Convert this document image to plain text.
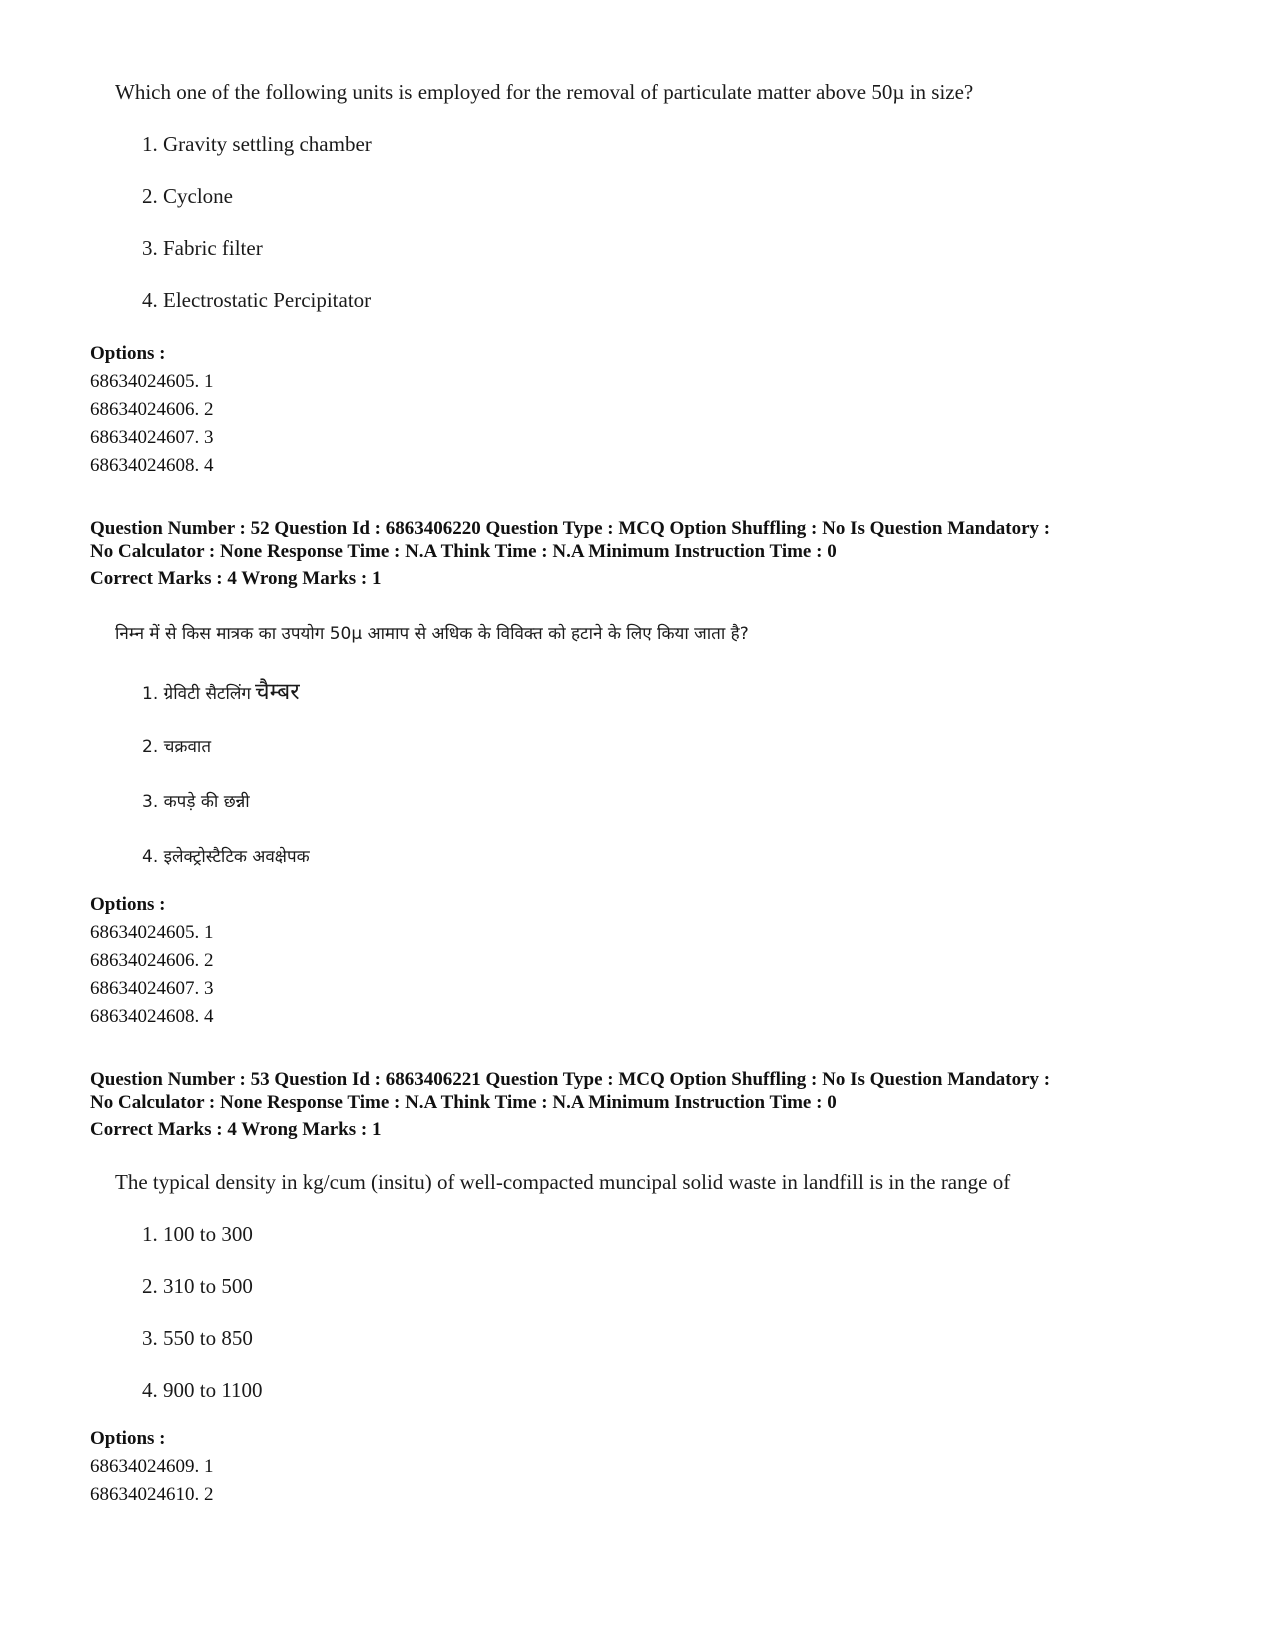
Which one of the following units is employed for the removal of particulate matter above 50µ in size?
1. Gravity settling chamber
2. Cyclone
3. Fabric filter
4. Electrostatic Percipitator
Options :
68634024605. 1
68634024606. 2
68634024607. 3
68634024608. 4
Question Number : 52 Question Id : 6863406220 Question Type : MCQ Option Shuffling : No Is Question Mandatory :
No Calculator : None Response Time : N.A Think Time : N.A Minimum Instruction Time : 0
Correct Marks : 4 Wrong Marks : 1
निम्न में से किस मात्रक का उपयोग 50µ आमाप से अधिक के विविक्त को हटाने के लिए किया जाता है?
1. ग्रेविटी सैटलिंग चैम्बर
2. चक्रवात
3. कपड़े की छन्नी
4. इलेक्ट्रोस्टैटिक अवक्षेपक
Options :
68634024605. 1
68634024606. 2
68634024607. 3
68634024608. 4
Question Number : 53 Question Id : 6863406221 Question Type : MCQ Option Shuffling : No Is Question Mandatory :
No Calculator : None Response Time : N.A Think Time : N.A Minimum Instruction Time : 0
Correct Marks : 4 Wrong Marks : 1
The typical density in kg/cum (insitu) of well-compacted muncipal solid waste in landfill is in the range of
1. 100 to 300
2. 310 to 500
3. 550 to 850
4. 900 to 1100
Options :
68634024609. 1
68634024610. 2
